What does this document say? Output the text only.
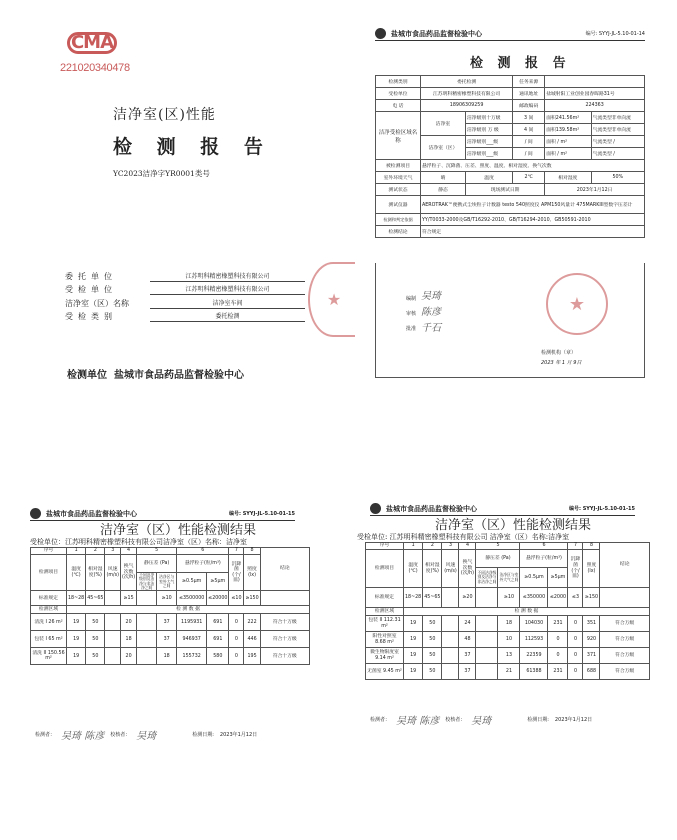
CMA
221020340478
洁净室(区)性能
检 测 报 告
YC2023洁净字YR0001类号
委托单位	江苏明科精密橡塑科技有限公司
受检单位	江苏明科精密橡塑科技有限公司
洁净室（区）名称	洁净室车间
受检类别	委托检测
★
检测单位 盐城市食品药品监督检验中心
盐城市食品药品监督检验中心	编号: SYYJ-JL-5.10-01-14
检 测 报 告
检测类别	委托检测		任务来源		
受检单位	江苏明科精密橡塑科技有限公司		通讯地址	盐城射阳工业创业园春晖路31号	
电 话	18906309259		邮政编码	224363	
洁净受检区域名称	洁净室	洁净级别十万级	3 间	面积241.56m²	气流类型非单向流
		洁净级别 万 级	4 间	面积139.58m²	气流类型非单向流
	洁净室（区）	洁净级别___级	/ 间	面积 / m²	气流类型 /
		洁净级别___级	/ 间	面积 / m²	气流类型 /
被检测项目	悬浮粒子、沉降菌、压差、照度、温度、相对湿度、换气次数				
室外环境天气	晴	温度	2℃	相对湿度	50%
测试状态	静态	现场测试日期		2023年1月12日	
测试仪器	AEROTRAK™便携式尘埃粒子计数器 testo 540照度仪 APM150风量计 475MARKIII型数字压差计				
检测和判定依据	YY/T0033-2000及GB/T16292-2010、GB/T16294-2010、GB50591-2010				
检测结论	符合规定				
编制 吴琦
审核 陈彦
批准 千石
★
检测机构（章）
2023 年 1 月 9日
盐城市食品药品监督检验中心	编号: SYYJ-JL-5.10-01-15
洁净室（区）性能检测结果
受检单位：江苏明科精密橡塑科技有限公司洁净室（区）名称：洁净室
序号	1	2	3	4	5		6		7	8	结论
检测项目	温度(℃)	相对湿度(%)	风速(m/s)	换气次数(次/h)	静压差 (Pa)		悬浮粒子(粒/m³)		沉降菌(个/皿)	照度(lx)	
					不同洁净级别及洁净与非洁净之间	洁净区与室外大气之间	≥0.5μm	≥5μm			
标准规定	18~28	45~65		≥15		≥10	≤3500000	≤20000	≤10	≥150	
检测区域	检 测 数 据										
清洗 I 26 m²	19	50		20		37	1195931	691	0	222	符合十万级
包装 I 65 m²	19	50		18		37	946937	691	0	446	符合十万级
清洗 II 150.56 m²	19	50		20		18	155732	580	0	195	符合十万级
检测者： 吴琦 陈彦 校核者： 吴琦	检测日期: 2023年1月12日
盐城市食品药品监督检验中心	编号: SYYJ-JL-5.10-01-15
洁净室（区）性能检测结果
受检单位: 江苏明科精密橡塑科技有限公司 洁净室（区）名称:洁净室
序号	1	2	3	4	5		6		7	8	结论
检测项目	温度(℃)	相对湿度(%)	风速(m/s)	换气次数(次/h)	静压差 (Pa)		悬浮粒子(粒/m³)		沉降菌(个/皿)	照度(lx)	
					不同洁净级别及洁净与非洁净之间	洁净区与室外大气之间	≥0.5μm	≥5μm			
标准规定	18~28	45~65		≥20		≥10	≤350000	≤2000	≤3	≥150	
检测区域	检 测 数 据										
包装 II 112.31 m²	19	50		24		18	104030	231	0	351	符合万级
阳性对照室 8.68 m²	19	50		48		10	112593	0	0	920	符合万级
微生物限度室 9.14 m²	19	50		37		13	22359	0	0	371	符合万级
无菌室 9.45 m²	19	50		37		21	61388	231	0	688	符合万级
检测者： 吴琦 陈彦 校核者： 吴琦	检测日期: 2023年1月12日
